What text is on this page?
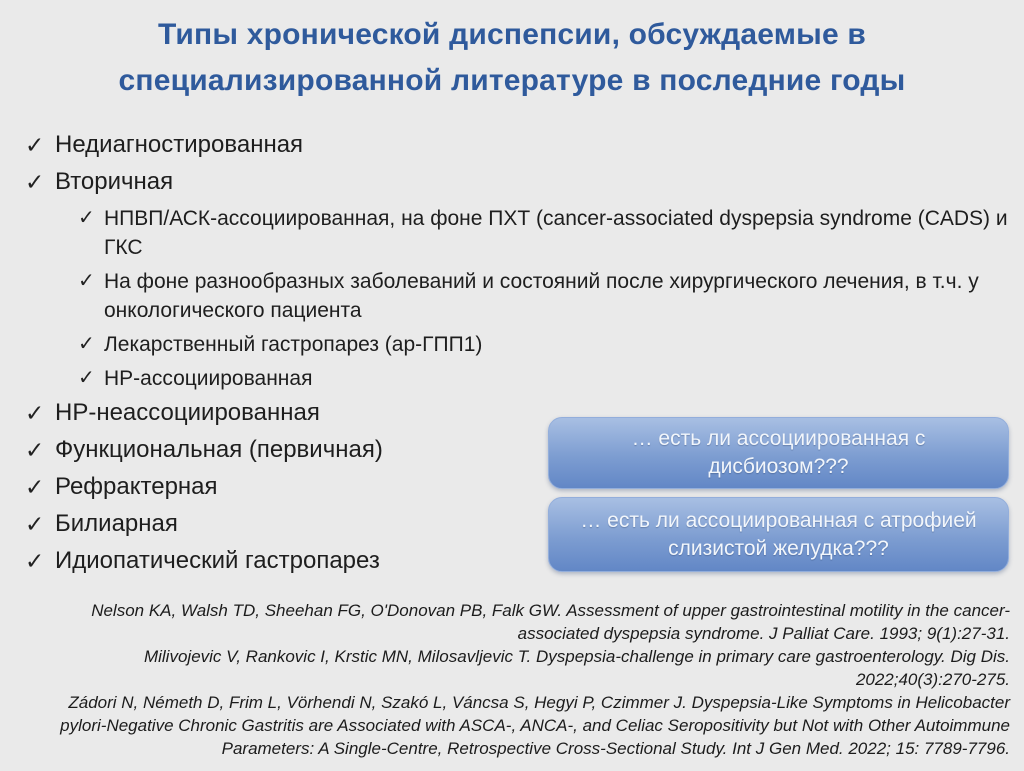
Типы хронической диспепсии, обсуждаемые в
специализированной литературе в последние годы
✓ Недиагностированная
✓ Вторичная
✓ НПВП/АСК-ассоциированная, на фоне ПХТ (cancer-associated dyspepsia syndrome (CADS) и ГКС
✓ На фоне разнообразных заболеваний и состояний после хирургического лечения, в т.ч. у онкологического пациента
✓ Лекарственный гастропарез (ар-ГПП1)
✓ НР-ассоциированная
✓ НР-неассоциированная
✓ Функциональная (первичная)
✓ Рефрактерная
✓ Билиарная
✓ Идиопатический гастропарез
… есть ли ассоциированная с
дисбиозом???
… есть ли ассоциированная с атрофией
слизистой желудка???

Nelson KA, Walsh TD, Sheehan FG, O'Donovan PB, Falk GW. Assessment of upper gastrointestinal motility in the cancer-associated dyspepsia syndrome. J Palliat Care. 1993; 9(1):27-31.

Milivojevic V, Rankovic I, Krstic MN, Milosavljevic T. Dyspepsia-challenge in primary care gastroenterology. Dig Dis. 2022;40(3):270-275.

Zádori N, Németh D, Frim L, Vörhendi N, Szakó L, Váncsa S, Hegyi P, Czimmer J. Dyspepsia-Like Symptoms in Helicobacter pylori-Negative Chronic Gastritis are Associated with ASCA-, ANCA-, and Celiac Seropositivity but Not with Other Autoimmune Parameters: A Single-Centre, Retrospective Cross-Sectional Study. Int J Gen Med. 2022; 15: 7789-7796.
